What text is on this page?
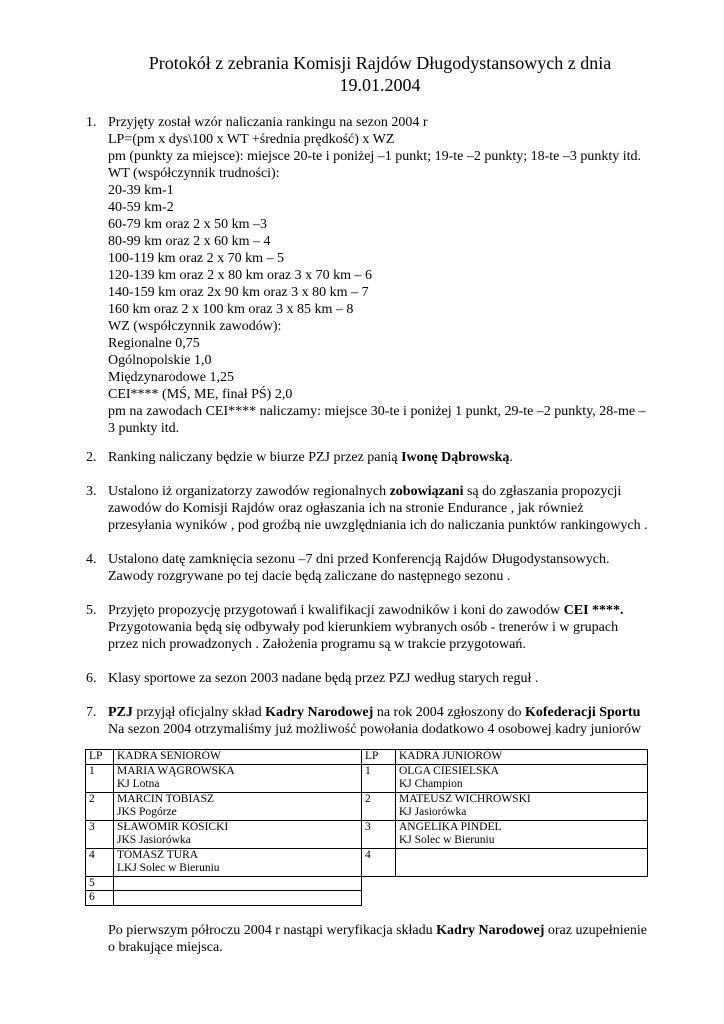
Protokół z zebrania Komisji Rajdów Długodystansowych z dnia
19.01.2004
1. Przyjęty został wzór naliczania rankingu na sezon 2004 r
LP=(pm x dys\100 x WT +średnia prędkość) x WZ
pm (punkty za miejsce): miejsce 20-te i poniżej –1 punkt; 19-te –2 punkty; 18-te –3 punkty itd.
WT (współczynnik trudności):
20-39 km-1
40-59 km-2
60-79 km oraz 2 x 50 km –3
80-99 km oraz 2 x 60 km – 4
100-119 km oraz 2 x 70 km – 5
120-139 km oraz 2 x 80 km oraz 3 x 70 km – 6
140-159 km oraz 2x 90 km oraz 3 x 80 km – 7
160 km oraz 2 x 100 km oraz 3 x 85 km – 8
WZ (współczynnik zawodów):
Regionalne 0,75
Ogólnopolskie 1,0
Międzynarodowe 1,25
CEI**** (MŚ, ME, finał PŚ) 2,0
pm na zawodach CEI**** naliczamy: miejsce 30-te i poniżej 1 punkt, 29-te –2 punkty, 28-me –
3 punkty itd.
2. Ranking naliczany będzie w biurze PZJ przez panią Iwonę Dąbrowską.
3. Ustalono iż organizatorzy zawodów regionalnych zobowiązani są do zgłaszania propozycji
zawodów do Komisji Rajdów oraz ogłaszania ich na stronie Endurance , jak również
przesyłania wyników , pod groźbą nie uwzględniania ich do naliczania punktów rankingowych .
4. Ustalono datę zamknięcia sezonu –7 dni przed Konferencją Rajdów Długodystansowych.
Zawody rozgrywane po tej dacie będą zaliczane do następnego sezonu .
5. Przyjęto propozycję przygotowań i kwalifikacji zawodników i koni do zawodów CEI ****.
Przygotowania będą się odbywały pod kierunkiem wybranych osób - trenerów i w grupach
przez nich prowadzonych . Założenia programu są w trakcie przygotowań.
6. Klasy sportowe za sezon 2003 nadane będą przez PZJ według starych reguł .
7. PZJ przyjął oficjalny skład Kadry Narodowej na rok 2004 zgłoszony do Kofederacji Sportu
Na sezon 2004 otrzymaliśmy już możliwość powołania dodatkowo 4 osobowej kadry juniorów
LP	KADRA SENIORÓW	LP	KADRA JUNIORÓW
1	MARIA WĄGROWSKA
KJ Lotna	1	OLGA CIESIELSKA
KJ Champion

2	MARCIN TOBIASZ
JKS Pogórze	2	MATEUSZ WICHROWSKI
KJ Jasiorówka

3	SŁAWOMIR KOSICKI
JKS Jasiorówka	3	ANGELIKA PINDEL
KJ Solec w Bieruniu

4	TOMASZ TURA
LKJ Solec w Bieruniu	4	

5			
6			
Po pierwszym półroczu 2004 r nastąpi weryfikacja składu Kadry Narodowej oraz uzupełnienie
o brakujące miejsca.
